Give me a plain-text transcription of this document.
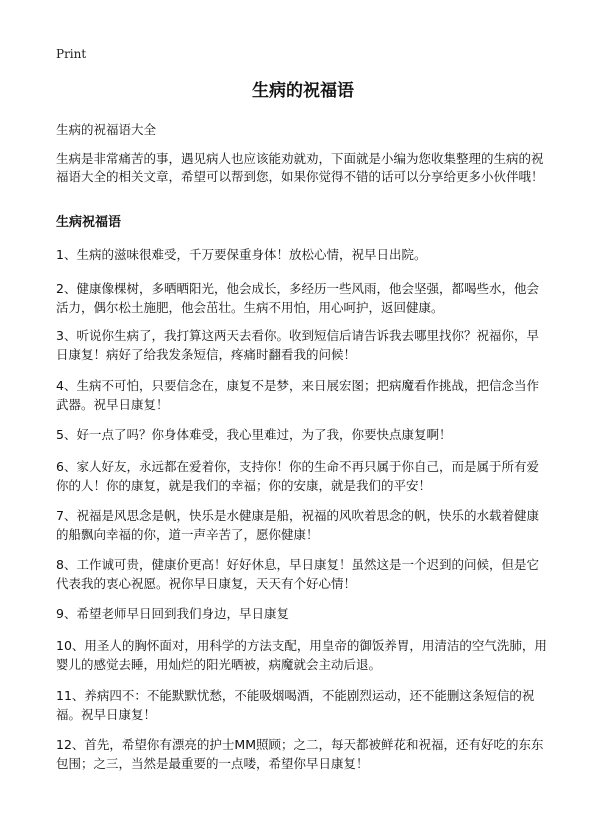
Print
生病的祝福语
生病的祝福语大全

生病是非常痛苦的事，遇见病人也应该能劝就劝，下面就是小编为您收集整理的生病的祝福语大全的相关文章，希望可以帮到您，如果你觉得不错的话可以分享给更多小伙伴哦！

生病祝福语

1、生病的滋味很难受，千万要保重身体！放松心情，祝早日出院。

2、健康像棵树，多晒晒阳光，他会成长，多经历一些风雨，他会坚强，都喝些水，他会活力，偶尔松土施肥，他会茁壮。生病不用怕，用心呵护，返回健康。

3、听说你生病了，我打算这两天去看你。收到短信后请告诉我去哪里找你？祝福你，早日康复！病好了给我发条短信，疼痛时翻看我的问候！

4、生病不可怕，只要信念在，康复不是梦，来日展宏图；把病魔看作挑战，把信念当作武器。祝早日康复！

5、好一点了吗？你身体难受，我心里难过，为了我，你要快点康复啊！

6、家人好友，永远都在爱着你，支持你！你的生命不再只属于你自己，而是属于所有爱你的人！你的康复，就是我们的幸福；你的安康，就是我们的平安！

7、祝福是风思念是帆，快乐是水健康是船，祝福的风吹着思念的帆，快乐的水载着健康的船飘向幸福的你，道一声辛苦了，愿你健康！

8、工作诚可贵，健康价更高！好好休息，早日康复！虽然这是一个迟到的问候，但是它代表我的衷心祝愿。祝你早日康复，天天有个好心情！

9、希望老师早日回到我们身边，早日康复

10、用圣人的胸怀面对，用科学的方法支配，用皇帝的御饭养胃，用清洁的空气洗肺，用婴儿的感觉去睡，用灿烂的阳光晒被，病魔就会主动后退。

11、养病四不：不能默默忧愁，不能吸烟喝酒，不能剧烈运动，还不能删这条短信的祝福。祝早日康复！

12、首先，希望你有漂亮的护士MM照顾；之二，每天都被鲜花和祝福，还有好吃的东东包围；之三，当然是最重要的一点喽，希望你早日康复！
